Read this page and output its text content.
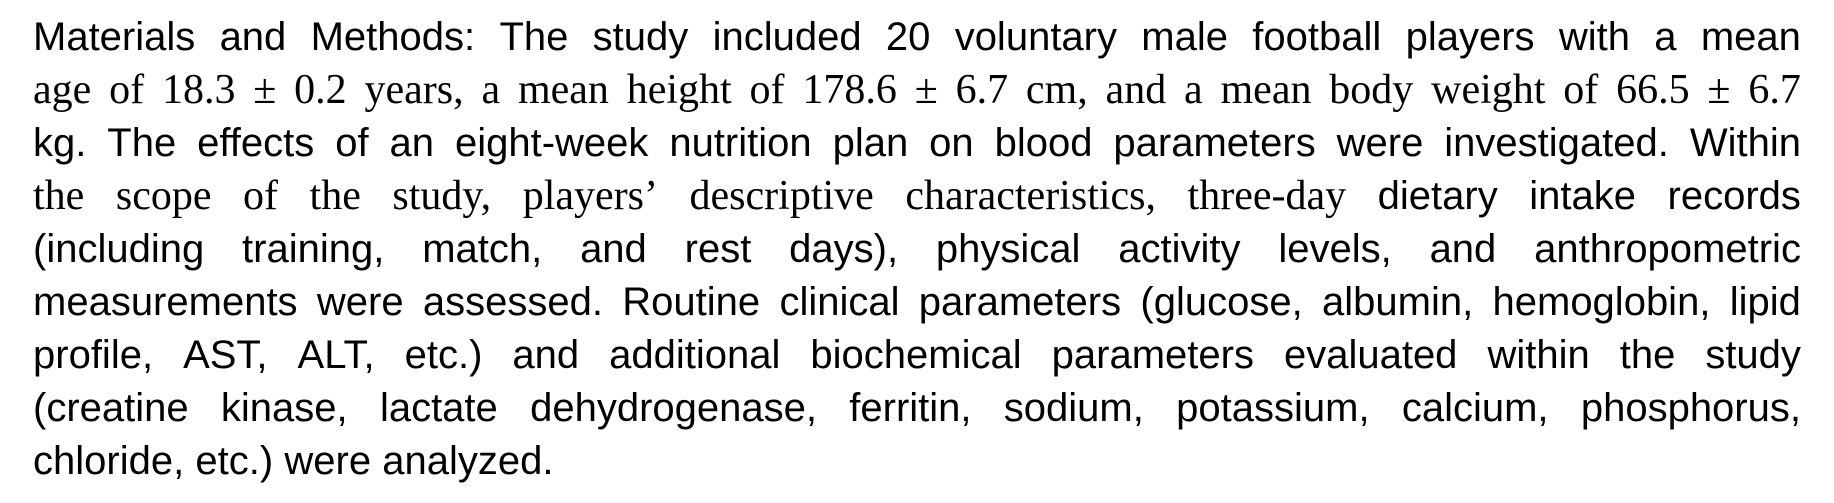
Materials and Methods: The study included 20 voluntary male football players with a mean
age of 18.3 ± 0.2 years, a mean height of 178.6 ± 6.7 cm, and a mean body weight of 66.5 ± 6.7
kg. The effects of an eight-week nutrition plan on blood parameters were investigated. Within
the scope of the study, players’ descriptive characteristics, three-day dietary intake records
(including training, match, and rest days), physical activity levels, and anthropometric
measurements were assessed. Routine clinical parameters (glucose, albumin, hemoglobin, lipid
profile, AST, ALT, etc.) and additional biochemical parameters evaluated within the study
(creatine kinase, lactate dehydrogenase, ferritin, sodium, potassium, calcium, phosphorus,
chloride, etc.) were analyzed.
